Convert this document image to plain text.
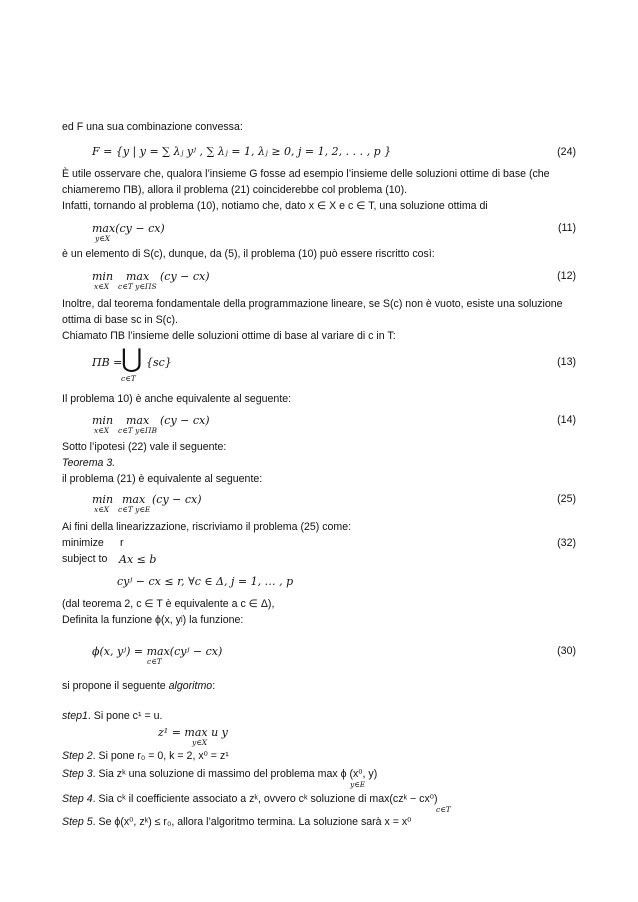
ed F una sua combinazione convessa:
F = {y | y = ∑ λⱼ yʲ , ∑ λⱼ = 1, λⱼ ≥ 0, j = 1, 2, . . . , p }	(24)
È utile osservare che, qualora l’insieme G fosse ad esempio l’insieme delle soluzioni ottime di base (che
chiameremo ΠB), allora il problema (21) coinciderebbe col problema (10).
Infatti, tornando al problema (10), notiamo che, dato x ∈ X e c ∈ T, una soluzione ottima di
max(cy − cx)
y∈X
(11)
è un elemento di S(c), dunque, da (5), il problema (10) può essere riscritto così:
min
x∈X
max
c∈T y∈ΠS
(cy − cx)	(12)
Inoltre, dal teorema fondamentale della programmazione lineare, se S(c) non è vuoto, esiste una soluzione
ottima di base sc in S(c).
Chiamato ΠB l’insieme delle soluzioni ottime di base al variare di c in T:
ΠB =
⋃ {sc}
c∈T
(13)
Il problema 10) è anche equivalente al seguente:
min
x∈X
max
c∈T y∈ΠB
(cy − cx)	(14)
Sotto l’ipotesi (22) vale il seguente:
Teorema 3.
il problema (21) è equivalente al seguente:
min
x∈X
max
c∈T y∈E
(cy − cx)	(25)
Ai fini della linearizzazione, riscriviamo il problema (25) come:
minimize r	(32)
subject to Ax ≤ b
cyʲ − cx ≤ r, ∀c ∈ Δ, j = 1, … , p
(dal teorema 2, c ∈ T è equivalente a c ∈ Δ),
Definita la funzione ϕ(x, yʲ) la funzione:
ϕ(x, yʲ) = max(cyʲ − cx)
c∈T
(30)
si propone il seguente algoritmo:
step1. Si pone c¹ = u.
z¹ = max u y
y∈X
Step 2. Si pone r₀ = 0, k = 2, x⁰ = z¹
Step 3. Sia zᵏ una soluzione di massimo del problema max ϕ (x⁰, y)
y∈E
Step 4. Sia cᵏ il coefficiente associato a zᵏ, ovvero cᵏ soluzione di max(czᵏ − cx⁰)
c∈T
Step 5. Se ϕ(x⁰, zᵏ) ≤ r₀, allora l’algoritmo termina. La soluzione sarà x = x⁰
